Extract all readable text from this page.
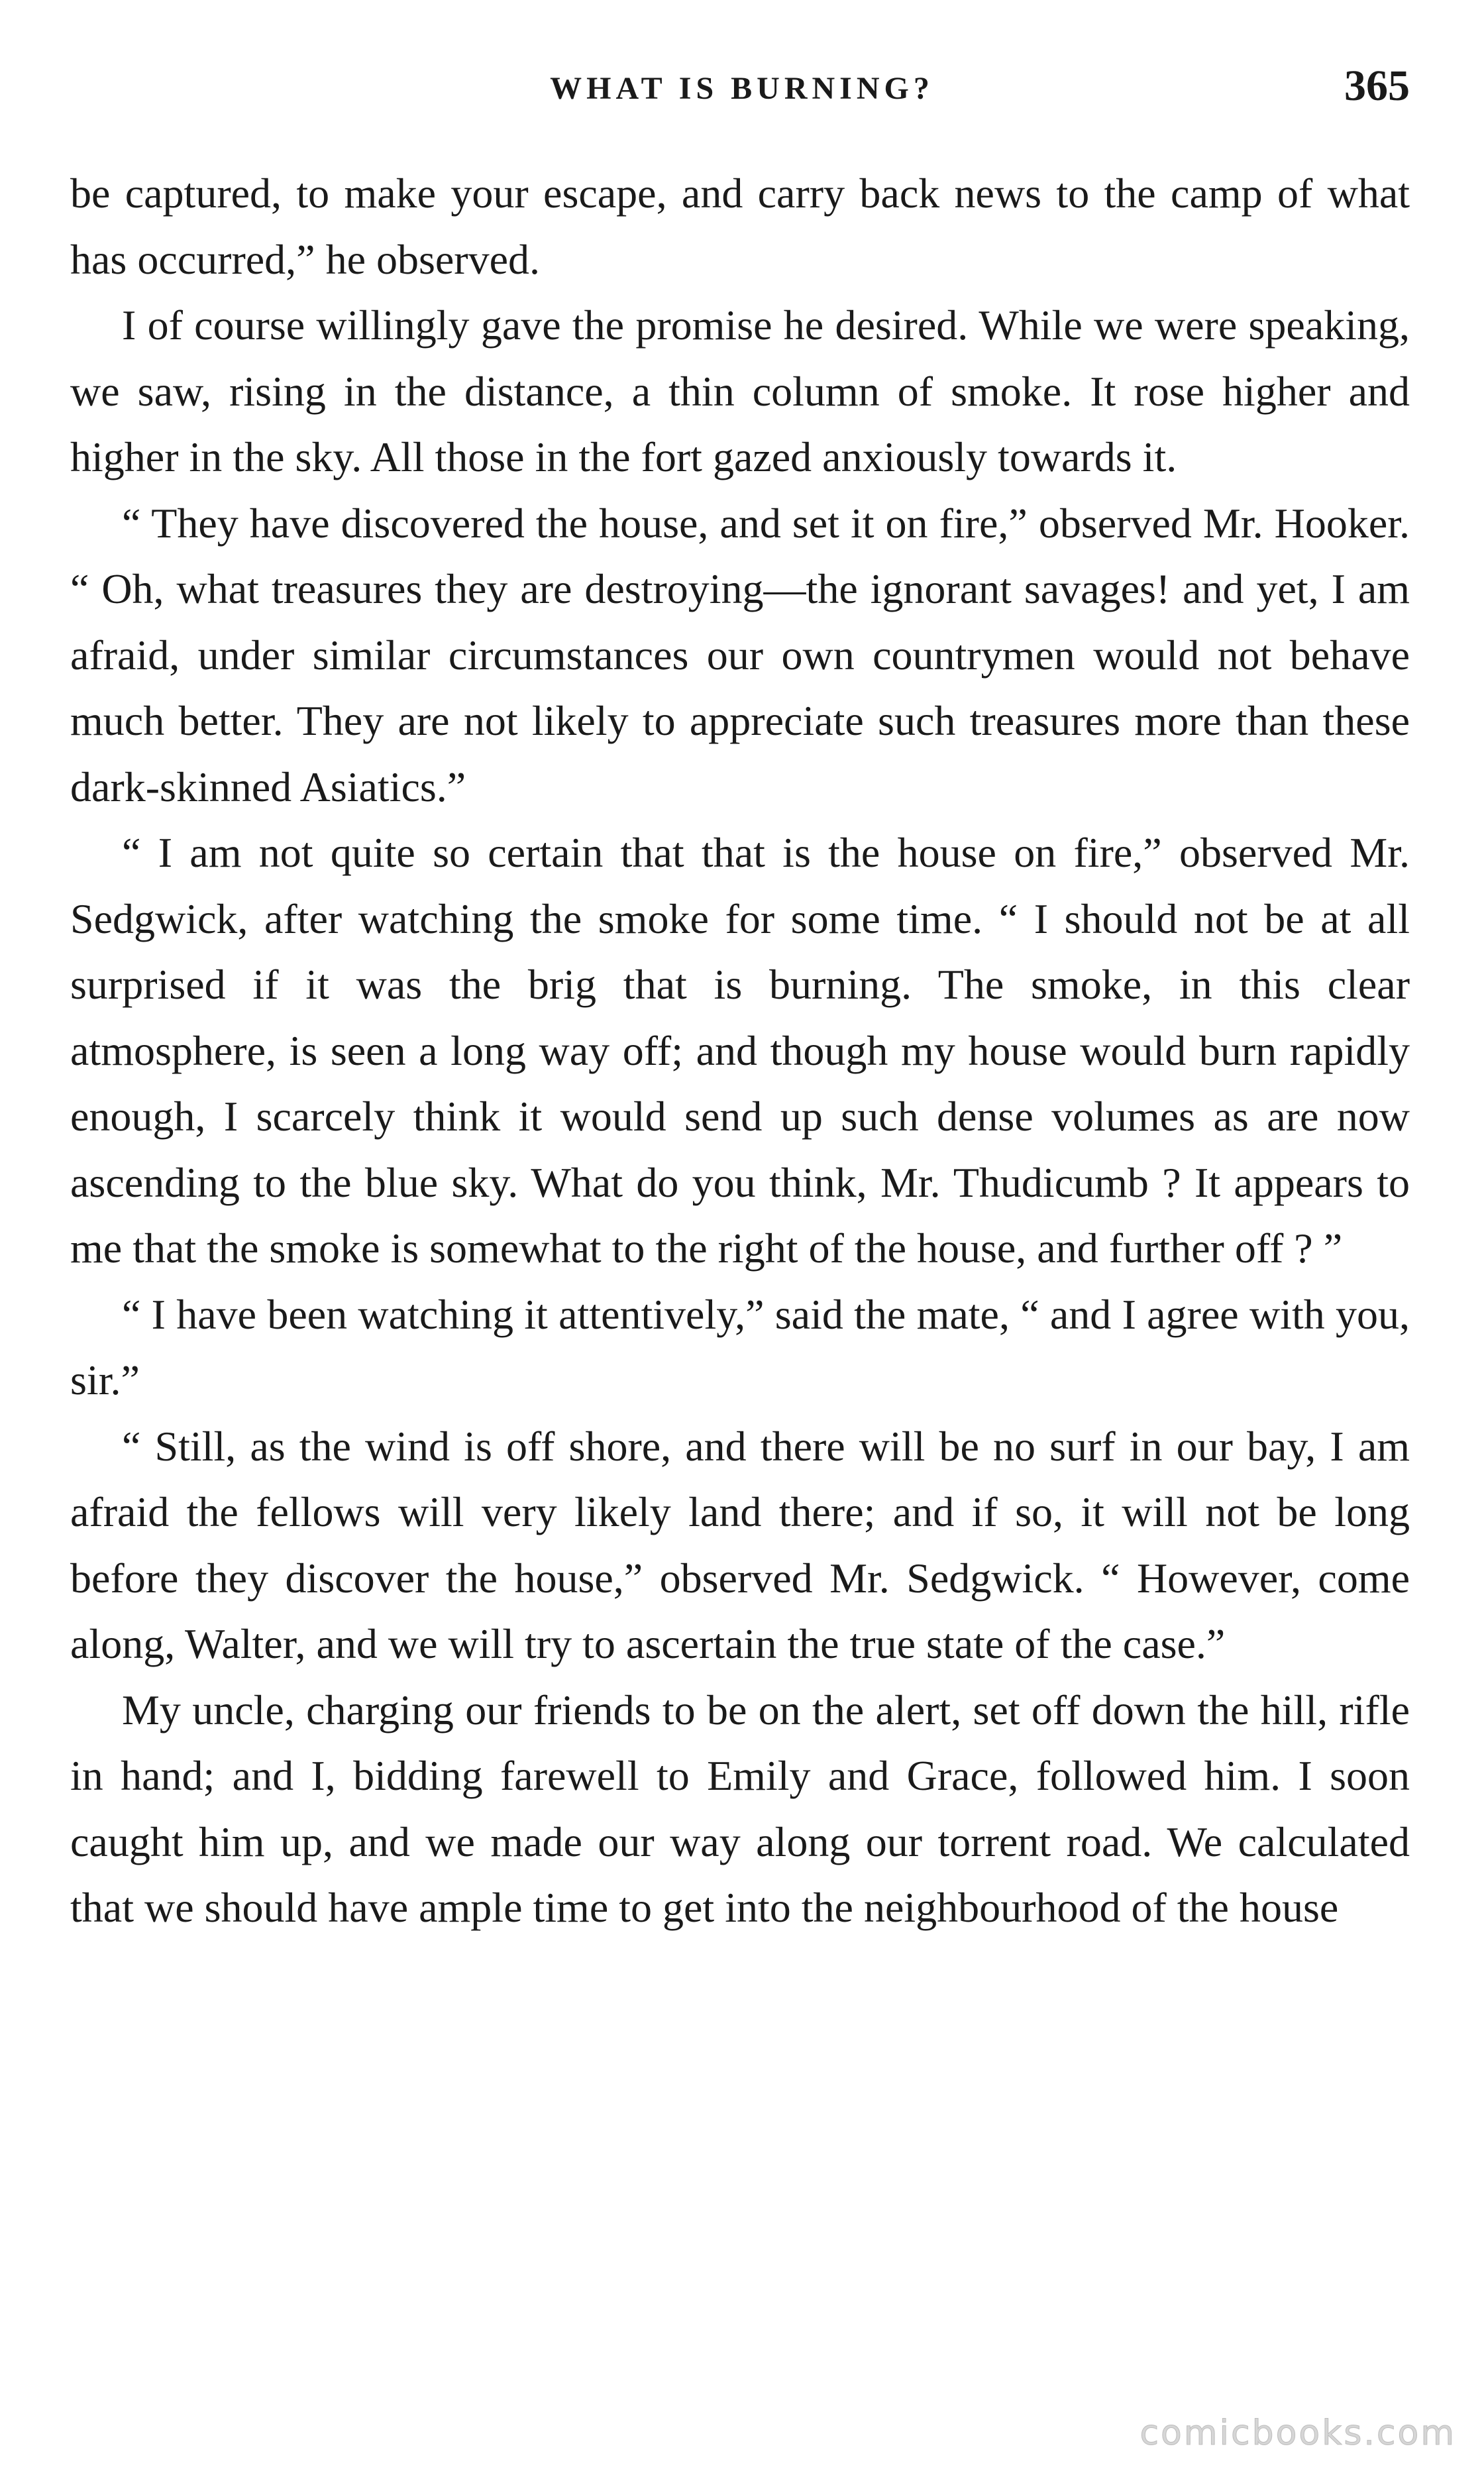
WHAT IS BURNING?	365

be captured, to make your escape, and carry back news to the camp of what has occurred,” he observed.

I of course willingly gave the promise he desired. While we were speaking, we saw, rising in the distance, a thin column of smoke. It rose higher and higher in the sky. All those in the fort gazed anxiously towards it.

“ They have discovered the house, and set it on fire,” observed Mr. Hooker. “ Oh, what treasures they are destroying—the ignorant savages! and yet, I am afraid, under similar circumstances our own countrymen would not behave much better. They are not likely to appreciate such treasures more than these dark-skinned Asiatics.”

“ I am not quite so certain that that is the house on fire,” observed Mr. Sedgwick, after watching the smoke for some time. “ I should not be at all surprised if it was the brig that is burning. The smoke, in this clear atmosphere, is seen a long way off; and though my house would burn rapidly enough, I scarcely think it would send up such dense volumes as are now ascending to the blue sky. What do you think, Mr. Thudicumb ? It appears to me that the smoke is somewhat to the right of the house, and further off ? ”

“ I have been watching it attentively,” said the mate, “ and I agree with you, sir.”

“ Still, as the wind is off shore, and there will be no surf in our bay, I am afraid the fellows will very likely land there; and if so, it will not be long before they discover the house,” observed Mr. Sedgwick. “ However, come along, Walter, and we will try to ascertain the true state of the case.”

My uncle, charging our friends to be on the alert, set off down the hill, rifle in hand; and I, bidding farewell to Emily and Grace, followed him. I soon caught him up, and we made our way along our torrent road. We calculated that we should have ample time to get into the neighbourhood of the house

comicbooks.com
